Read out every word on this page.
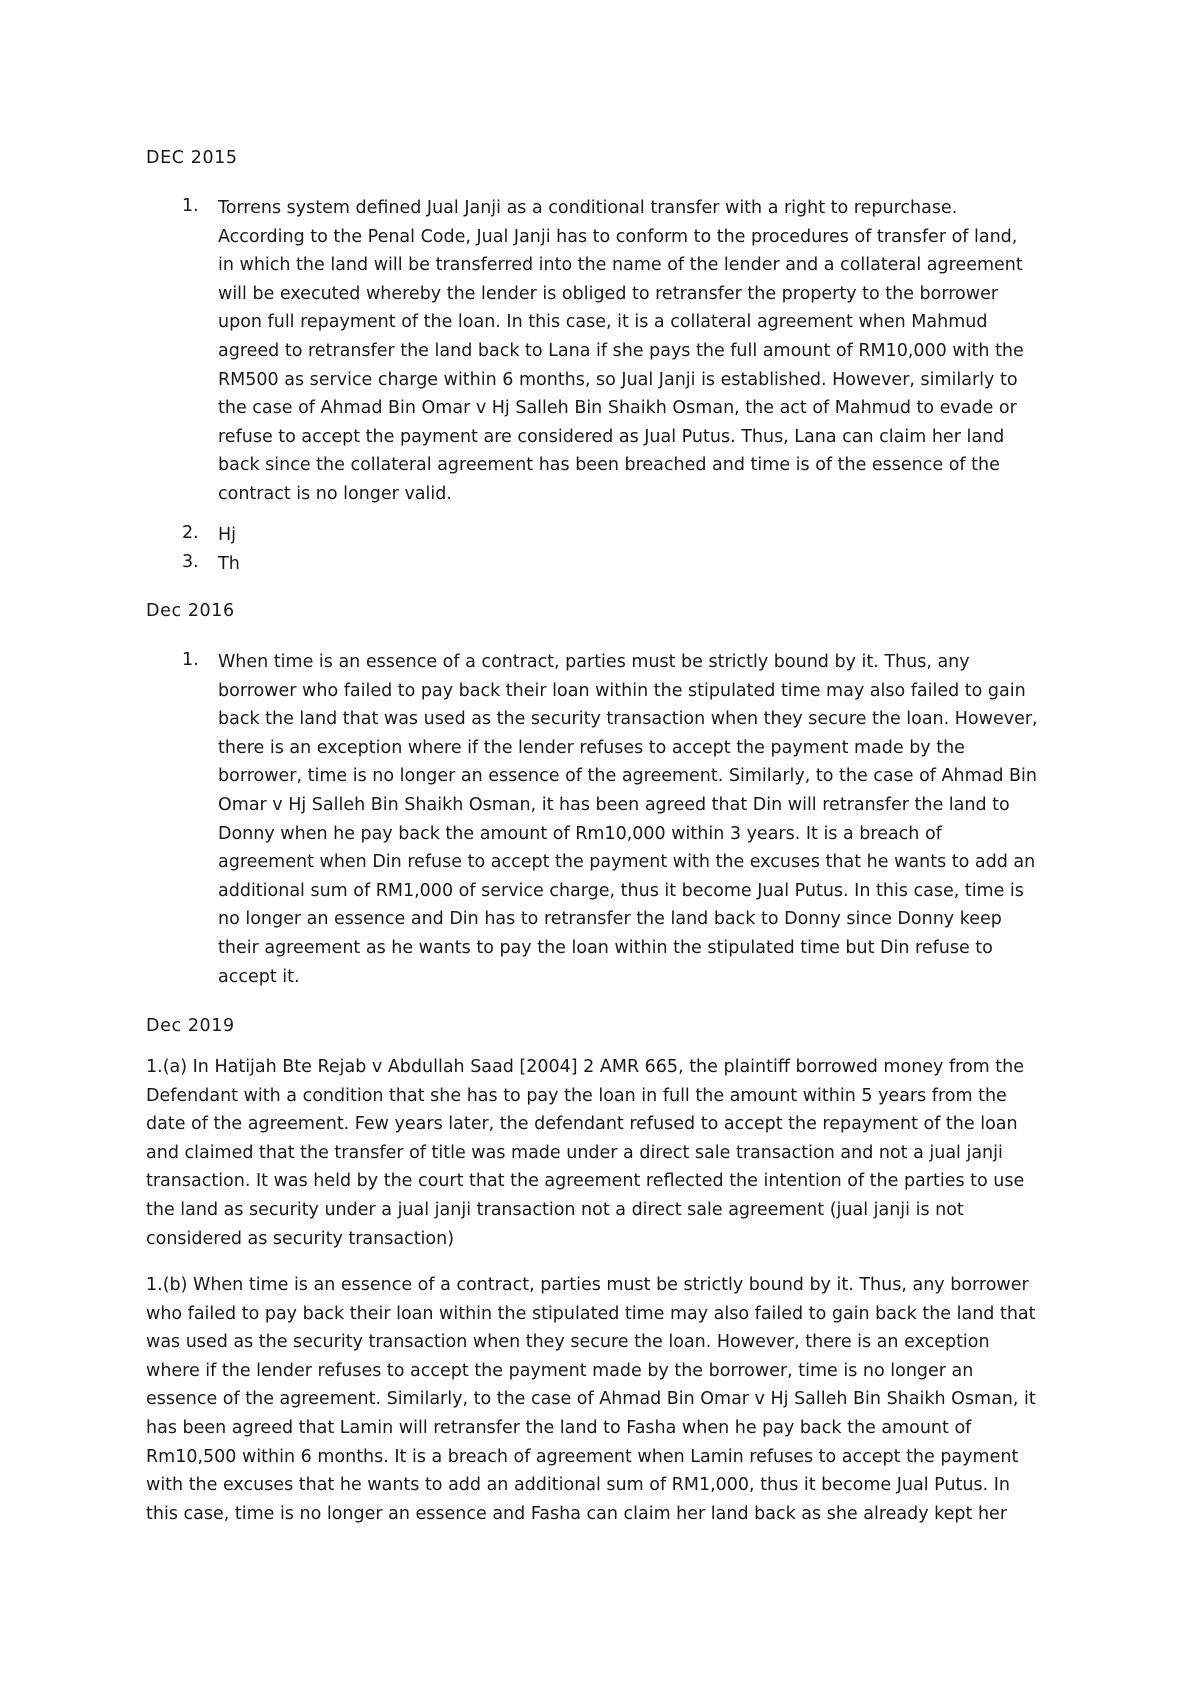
DEC 2015
1. Torrens system defined Jual Janji as a conditional transfer with a right to repurchase.
According to the Penal Code, Jual Janji has to conform to the procedures of transfer of land,
in which the land will be transferred into the name of the lender and a collateral agreement
will be executed whereby the lender is obliged to retransfer the property to the borrower
upon full repayment of the loan. In this case, it is a collateral agreement when Mahmud
agreed to retransfer the land back to Lana if she pays the full amount of RM10,000 with the
RM500 as service charge within 6 months, so Jual Janji is established. However, similarly to
the case of Ahmad Bin Omar v Hj Salleh Bin Shaikh Osman, the act of Mahmud to evade or
refuse to accept the payment are considered as Jual Putus. Thus, Lana can claim her land
back since the collateral agreement has been breached and time is of the essence of the
contract is no longer valid.
2. Hj
3. Th
Dec 2016
1. When time is an essence of a contract, parties must be strictly bound by it. Thus, any
borrower who failed to pay back their loan within the stipulated time may also failed to gain
back the land that was used as the security transaction when they secure the loan. However,
there is an exception where if the lender refuses to accept the payment made by the
borrower, time is no longer an essence of the agreement. Similarly, to the case of Ahmad Bin
Omar v Hj Salleh Bin Shaikh Osman, it has been agreed that Din will retransfer the land to
Donny when he pay back the amount of Rm10,000 within 3 years. It is a breach of
agreement when Din refuse to accept the payment with the excuses that he wants to add an
additional sum of RM1,000 of service charge, thus it become Jual Putus. In this case, time is
no longer an essence and Din has to retransfer the land back to Donny since Donny keep
their agreement as he wants to pay the loan within the stipulated time but Din refuse to
accept it.
Dec 2019
1.(a) In Hatijah Bte Rejab v Abdullah Saad [2004] 2 AMR 665, the plaintiff borrowed money from the
Defendant with a condition that she has to pay the loan in full the amount within 5 years from the
date of the agreement. Few years later, the defendant refused to accept the repayment of the loan
and claimed that the transfer of title was made under a direct sale transaction and not a jual janji
transaction. It was held by the court that the agreement reflected the intention of the parties to use
the land as security under a jual janji transaction not a direct sale agreement (jual janji is not
considered as security transaction)
1.(b) When time is an essence of a contract, parties must be strictly bound by it. Thus, any borrower
who failed to pay back their loan within the stipulated time may also failed to gain back the land that
was used as the security transaction when they secure the loan. However, there is an exception
where if the lender refuses to accept the payment made by the borrower, time is no longer an
essence of the agreement. Similarly, to the case of Ahmad Bin Omar v Hj Salleh Bin Shaikh Osman, it
has been agreed that Lamin will retransfer the land to Fasha when he pay back the amount of
Rm10,500 within 6 months. It is a breach of agreement when Lamin refuses to accept the payment
with the excuses that he wants to add an additional sum of RM1,000, thus it become Jual Putus. In
this case, time is no longer an essence and Fasha can claim her land back as she already kept her
